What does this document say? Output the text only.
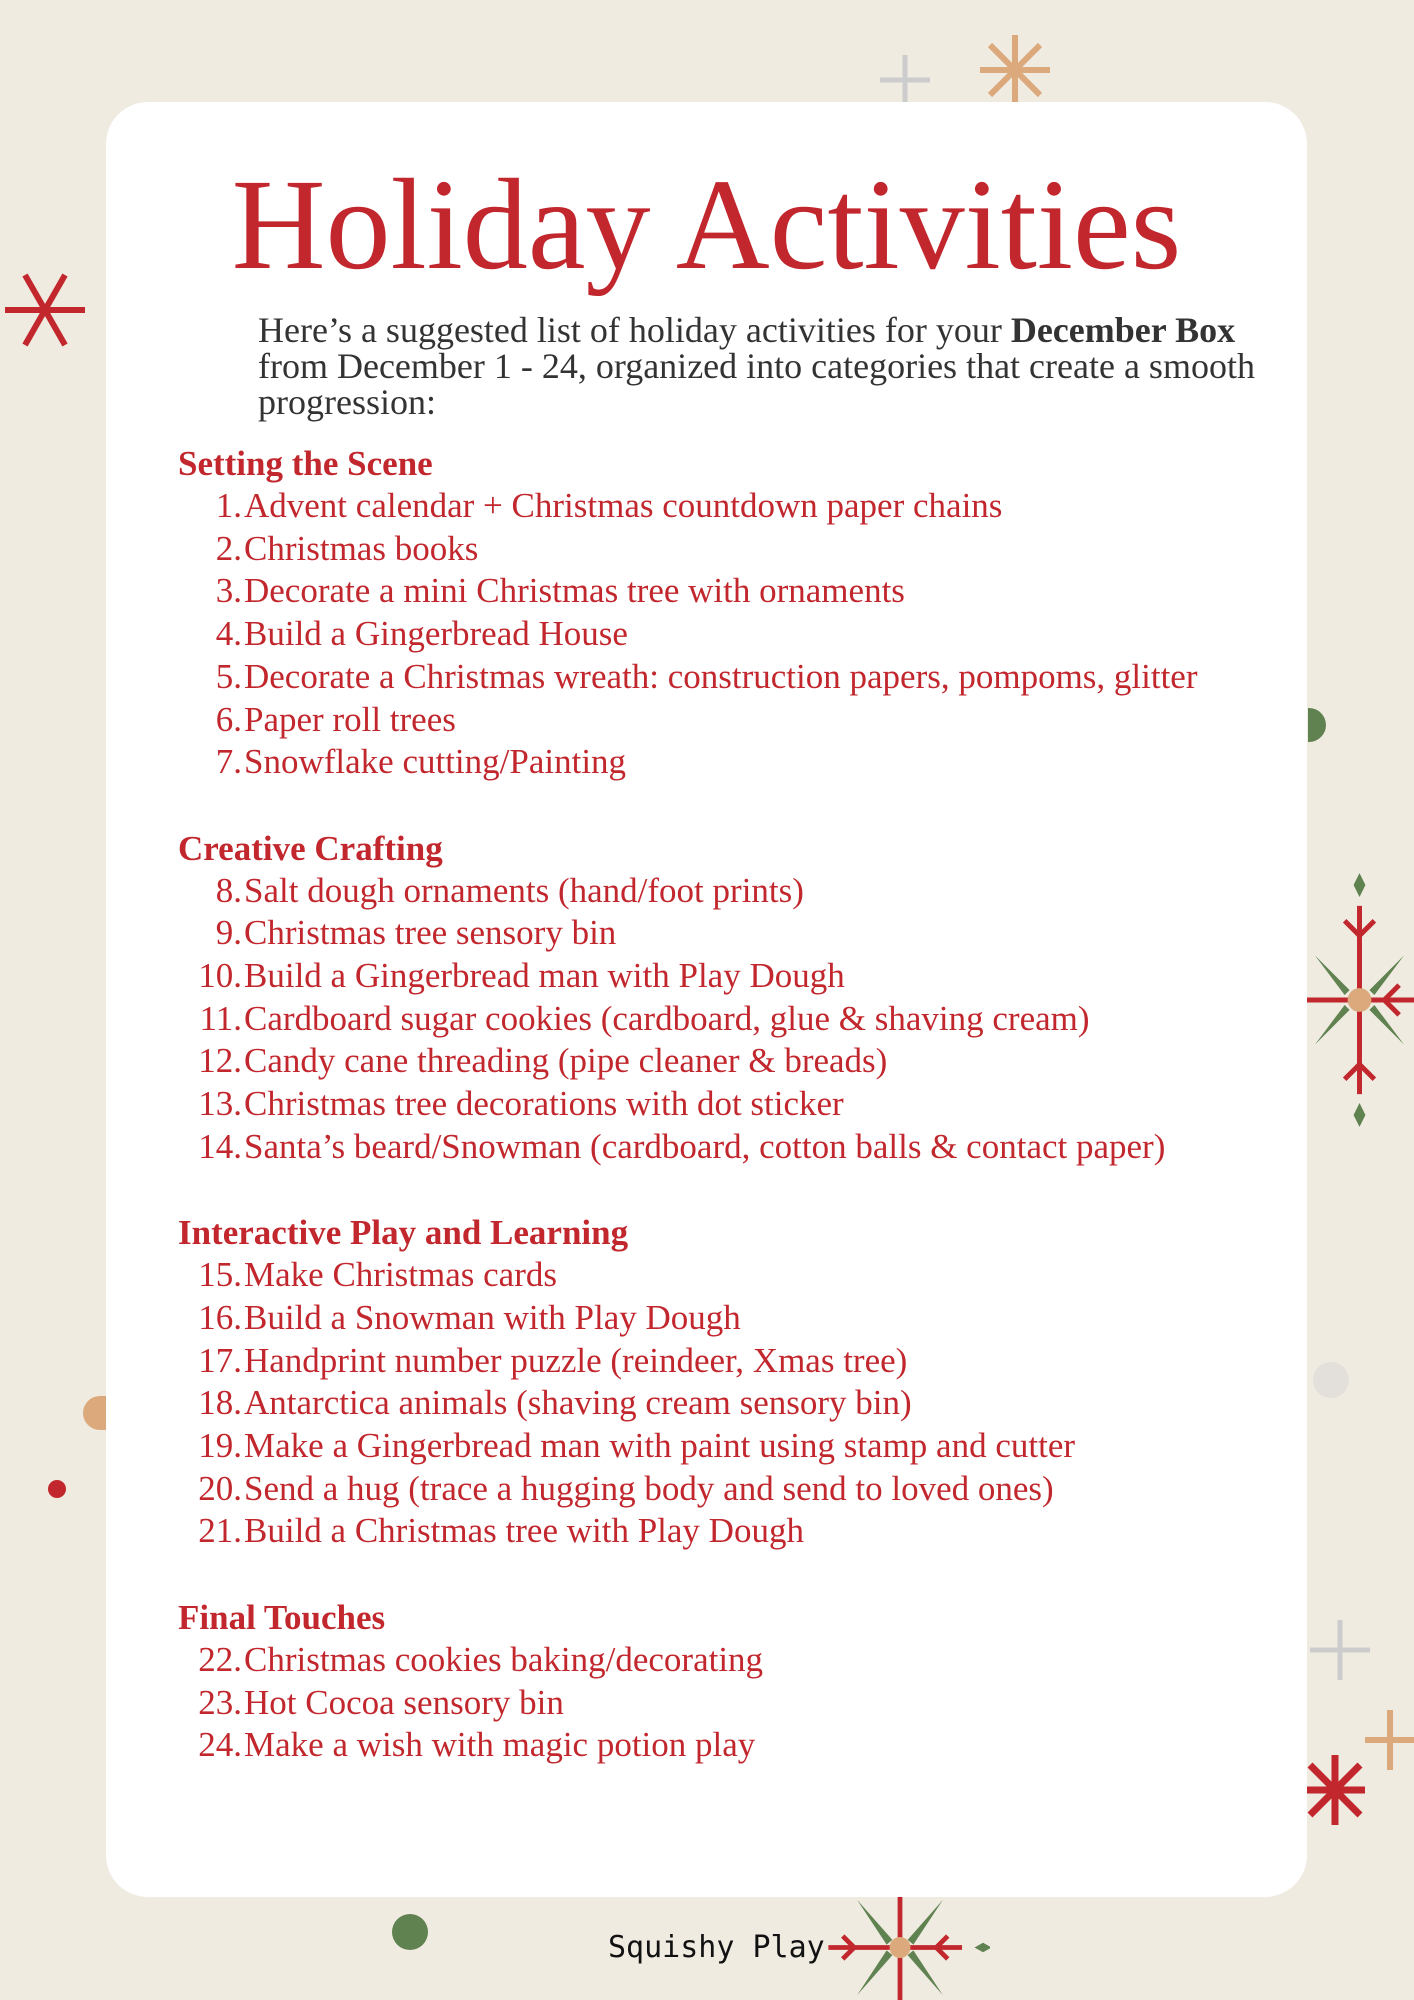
Holiday Activities
Here’s a suggested list of holiday activities for your December Box from December 1 - 24, organized into categories that create a smooth progression:
Setting the Scene
1. Advent calendar + Christmas countdown paper chains
2. Christmas books
3. Decorate a mini Christmas tree with ornaments
4. Build a Gingerbread House
5. Decorate a Christmas wreath: construction papers, pompoms, glitter
6. Paper roll trees
7. Snowflake cutting/Painting
Creative Crafting
8. Salt dough ornaments (hand/foot prints)
9. Christmas tree sensory bin
10. Build a Gingerbread man with Play Dough
11. Cardboard sugar cookies (cardboard, glue & shaving cream)
12. Candy cane threading (pipe cleaner & breads)
13. Christmas tree decorations with dot sticker
14. Santa’s beard/Snowman (cardboard, cotton balls & contact paper)
Interactive Play and Learning
15. Make Christmas cards
16. Build a Snowman with Play Dough
17. Handprint number puzzle (reindeer, Xmas tree)
18. Antarctica animals (shaving cream sensory bin)
19. Make a Gingerbread man with paint using stamp and cutter
20. Send a hug (trace a hugging body and send to loved ones)
21. Build a Christmas tree with Play Dough
Final Touches
22. Christmas cookies baking/decorating
23. Hot Cocoa sensory bin
24. Make a wish with magic potion play
Squishy Play
